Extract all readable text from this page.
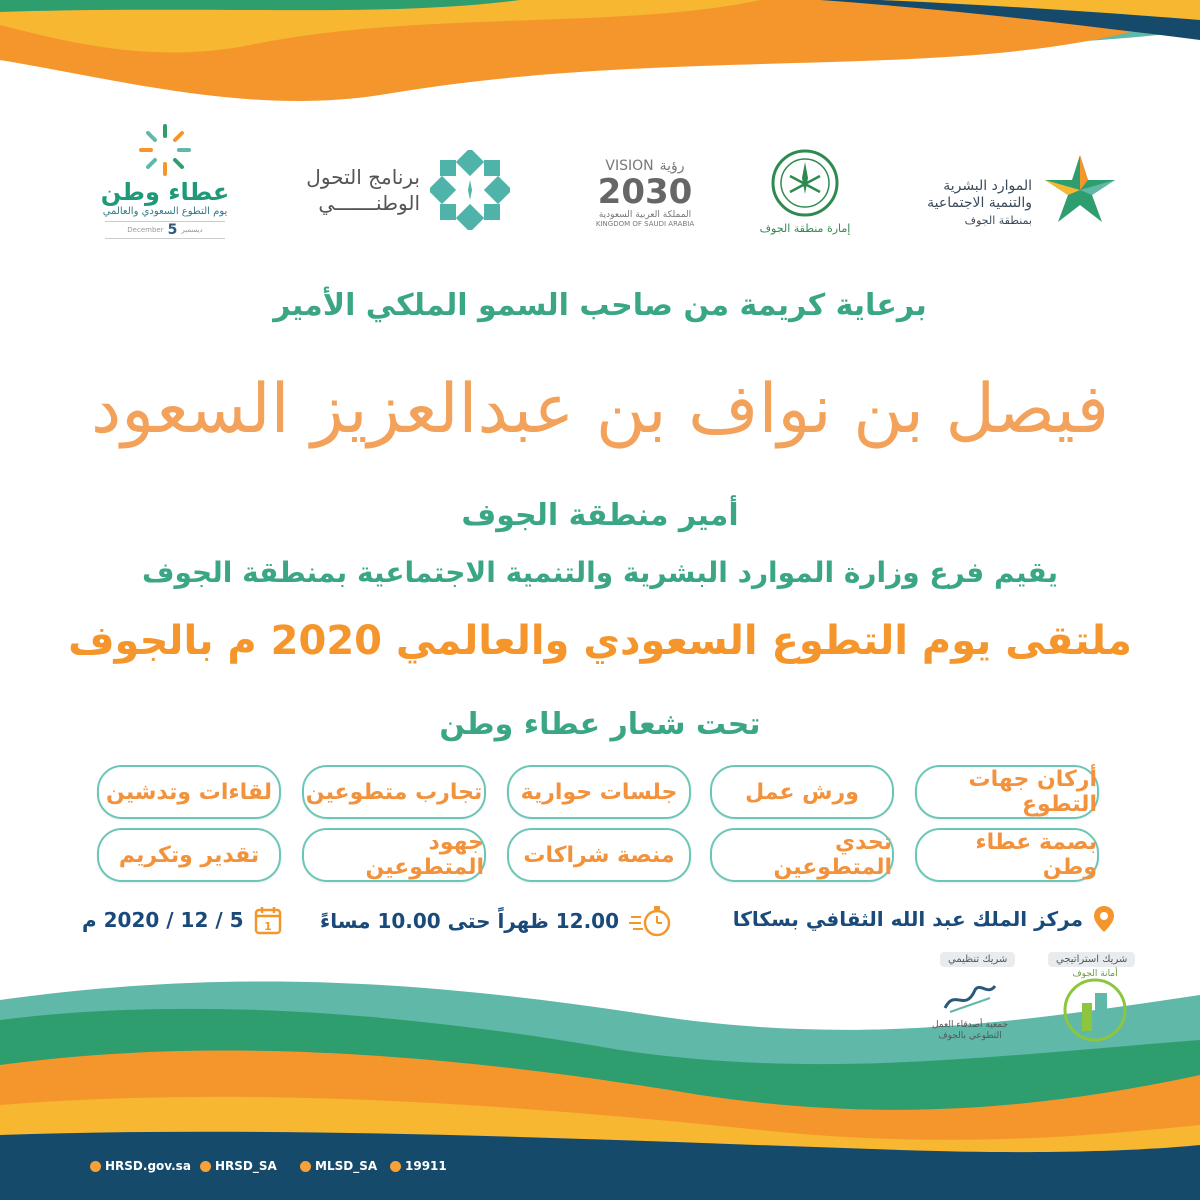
الموارد البشرية
والتنمية الاجتماعية
بمنطقة الجوف
إمارة منطقة الجوف
VISION رؤية
2030
المملكة العربية السعودية
KINGDOM OF SAUDI ARABIA
برنامج التحول
الوطنـــــــي
عطاء وطن
يوم التطوع السعودي والعالمي
December 5 ديسمبر
برعاية كريمة من صاحب السمو الملكي الأمير
فيصل بن نواف بن عبدالعزيز السعود
أمير منطقة الجوف
يقيم فرع وزارة الموارد البشرية والتنمية الاجتماعية بمنطقة الجوف
ملتقى يوم التطوع السعودي والعالمي 2020 م بالجوف
تحت شعار عطاء وطن
أركان جهات التطوع
ورش عمل
جلسات حوارية
تجارب متطوعين
لقاءات وتدشين
بصمة عطاء وطن
تحدي المتطوعين
منصة شراكات
جهود المتطوعين
تقدير وتكريم
مركز الملك عبد الله الثقافي بسكاكا
12.00 ظهراً حتى 10.00 مساءً
1
5 / 12 / 2020 م
شريك استراتيجي
أمانة الجوف
شريك تنظيمي
جمعية أصدقاء العمل
التطوعي بالجوف
HRSD.gov.sa HRSD_SA	MLSD_SA 19911
